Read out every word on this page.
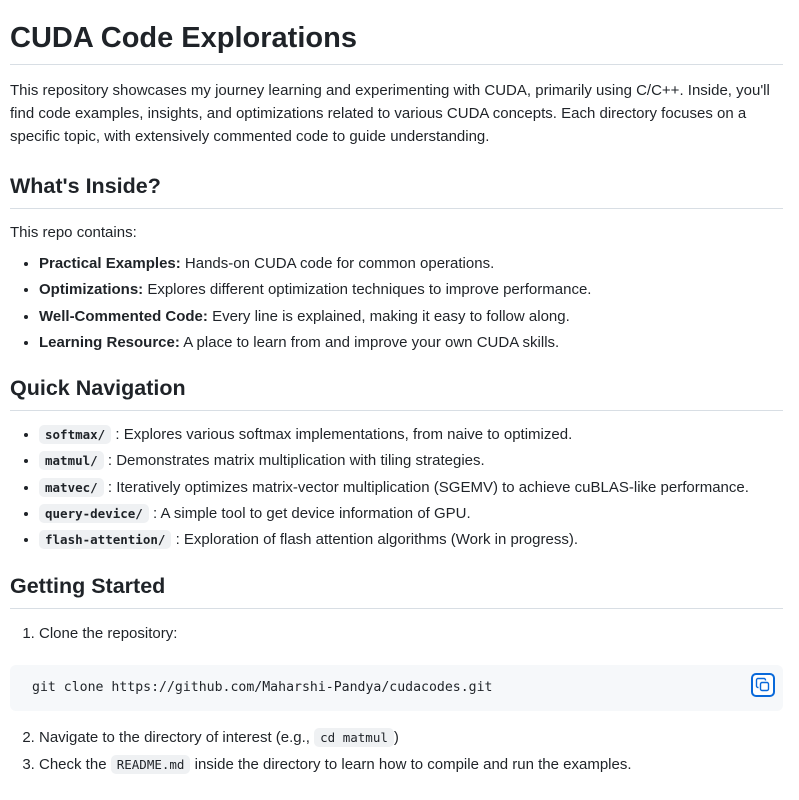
CUDA Code Explorations

This repository showcases my journey learning and experimenting with CUDA, primarily using C/C++. Inside, you'll find code examples, insights, and optimizations related to various CUDA concepts. Each directory focuses on a specific topic, with extensively commented code to guide understanding.

What's Inside?

This repo contains:

• Practical Examples: Hands-on CUDA code for common operations.
• Optimizations: Explores different optimization techniques to improve performance.
• Well-Commented Code: Every line is explained, making it easy to follow along.
• Learning Resource: A place to learn from and improve your own CUDA skills.
Quick Navigation
• softmax/ : Explores various softmax implementations, from naive to optimized.
• matmul/ : Demonstrates matrix multiplication with tiling strategies.
• matvec/ : Iteratively optimizes matrix-vector multiplication (SGEMV) to achieve cuBLAS-like performance.
• query-device/ : A simple tool to get device information of GPU.
• flash-attention/ : Exploration of flash attention algorithms (Work in progress).
Getting Started
1. Clone the repository:
git clone https://github.com/Maharshi-Pandya/cudacodes.git
2. Navigate to the directory of interest (e.g., cd matmul )
3. Check the README.md inside the directory to learn how to compile and run the examples.
